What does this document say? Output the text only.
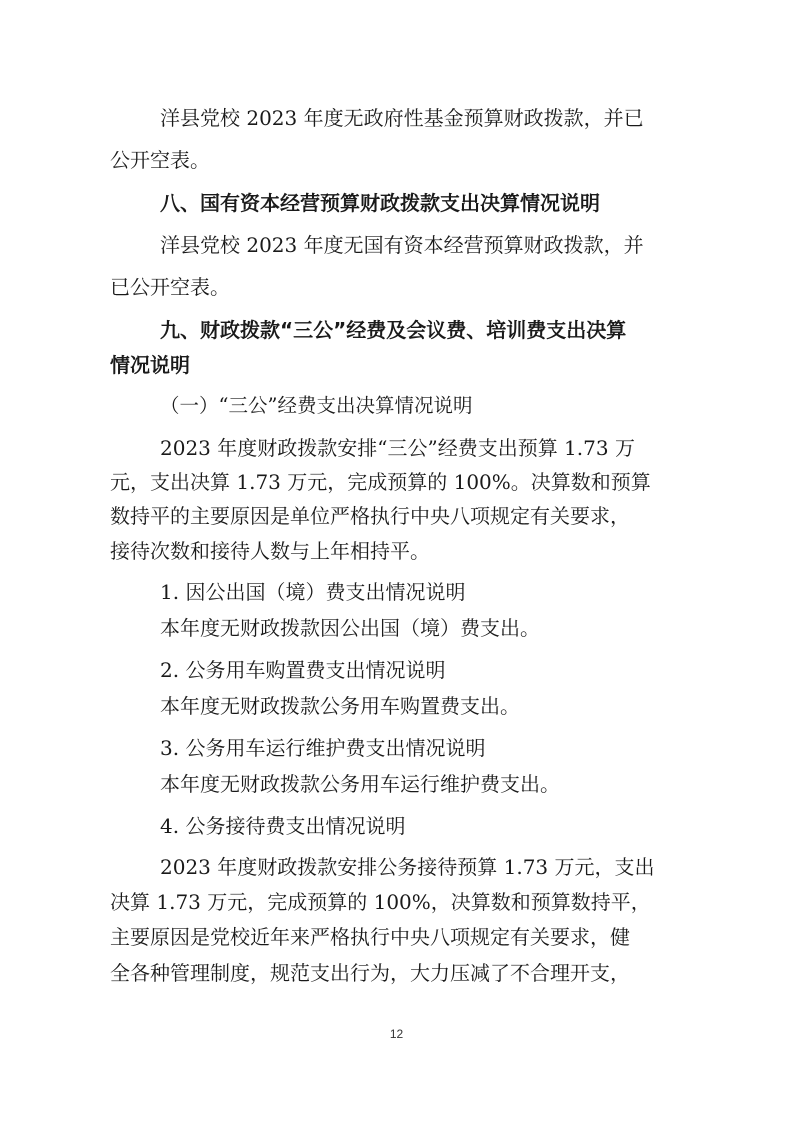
洋县党校 2023 年度无政府性基金预算财政拨款，并已
公开空表。
八、国有资本经营预算财政拨款支出决算情况说明
洋县党校 2023 年度无国有资本经营预算财政拨款，并
已公开空表。
九、财政拨款“三公”经费及会议费、培训费支出决算
情况说明
（一）“三公”经费支出决算情况说明
2023 年度财政拨款安排“三公”经费支出预算 1.73 万
元，支出决算 1.73 万元，完成预算的 100%。决算数和预算
数持平的主要原因是单位严格执行中央八项规定有关要求，
接待次数和接待人数与上年相持平。
1. 因公出国（境）费支出情况说明
本年度无财政拨款因公出国（境）费支出。
2. 公务用车购置费支出情况说明
本年度无财政拨款公务用车购置费支出。
3. 公务用车运行维护费支出情况说明
本年度无财政拨款公务用车运行维护费支出。
4. 公务接待费支出情况说明
2023 年度财政拨款安排公务接待预算 1.73 万元，支出
决算 1.73 万元，完成预算的 100%，决算数和预算数持平，
主要原因是党校近年来严格执行中央八项规定有关要求，健
全各种管理制度，规范支出行为，大力压减了不合理开支，
12
